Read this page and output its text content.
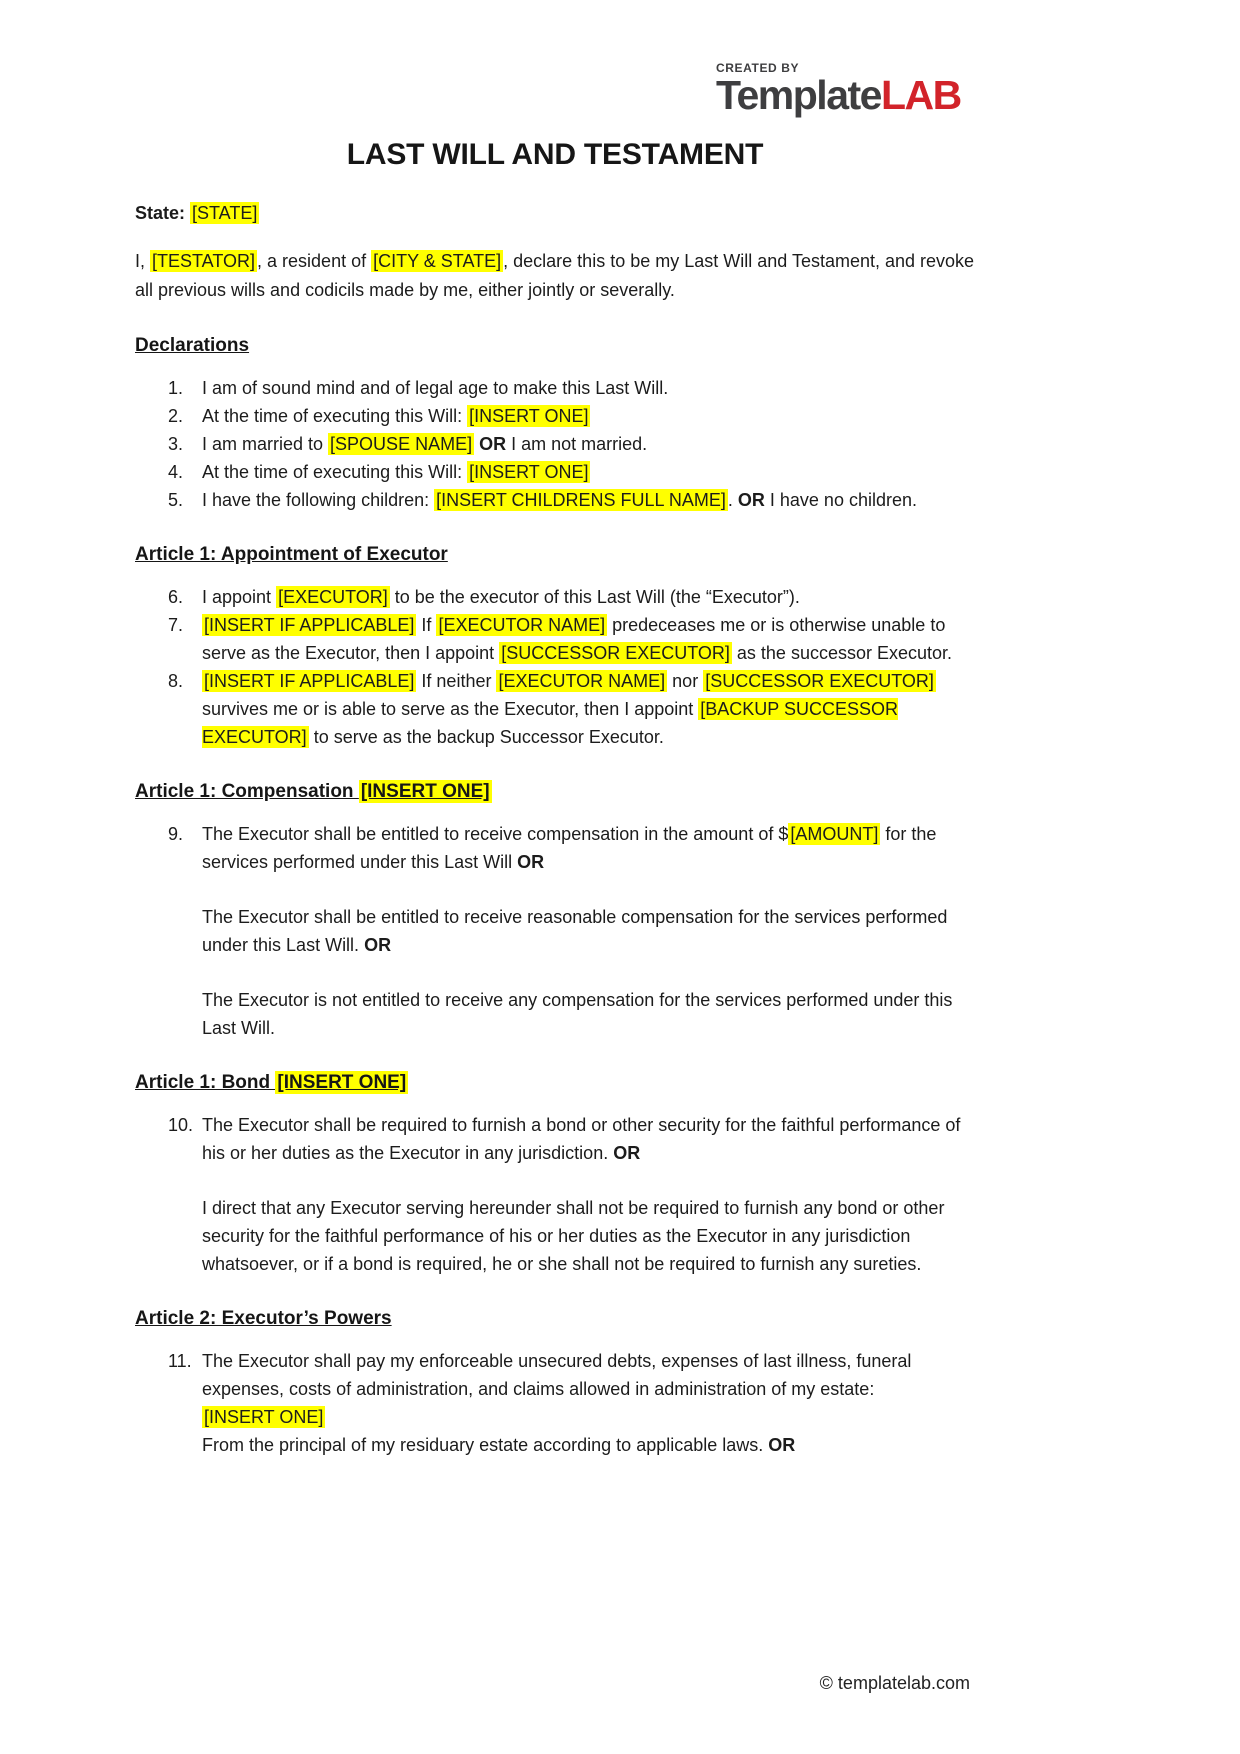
CREATED BY
TemplateLAB
LAST WILL AND TESTAMENT

State: [STATE]

I, [TESTATOR] , a resident of [CITY & STATE] , declare this to be my Last Will and Testament, and revoke all previous wills and codicils made by me, either jointly or severally.

Declarations
1.	I am of sound mind and of legal age to make this Last Will.
2.	At the time of executing this Will: [INSERT ONE]
3.	I am married to [SPOUSE NAME] OR I am not married.
4.	At the time of executing this Will: [INSERT ONE]
5.	I have the following children: [INSERT CHILDRENS FULL NAME] . OR I have no children.
Article 1: Appointment of Executor
6.	I appoint [EXECUTOR] to be the executor of this Last Will (the “Executor”).
7.	[INSERT IF APPLICABLE] If [EXECUTOR NAME] predeceases me or is otherwise unable to serve as the Executor, then I appoint [SUCCESSOR EXECUTOR] as the successor Executor.
8.	[INSERT IF APPLICABLE] If neither [EXECUTOR NAME] nor [SUCCESSOR EXECUTOR] survives me or is able to serve as the Executor, then I appoint [BACKUP SUCCESSOR EXECUTOR] to serve as the backup Successor Executor.
Article 1: Compensation [INSERT ONE]
9.	The Executor shall be entitled to receive compensation in the amount of $ [AMOUNT] for the services performed under this Last Will OR

The Executor shall be entitled to receive reasonable compensation for the services performed under this Last Will. OR

The Executor is not entitled to receive any compensation for the services performed under this Last Will.

Article 1: Bond [INSERT ONE]
10. The Executor shall be required to furnish a bond or other security for the faithful performance of his or her duties as the Executor in any jurisdiction. OR

I direct that any Executor serving hereunder shall not be required to furnish any bond or other security for the faithful performance of his or her duties as the Executor in any jurisdiction whatsoever, or if a bond is required, he or she shall not be required to furnish any sureties.

Article 2: Executor’s Powers
11. The Executor shall pay my enforceable unsecured debts, expenses of last illness, funeral expenses, costs of administration, and claims allowed in administration of my estate:
[INSERT ONE]
From the principal of my residuary estate according to applicable laws. OR
© templatelab.com
